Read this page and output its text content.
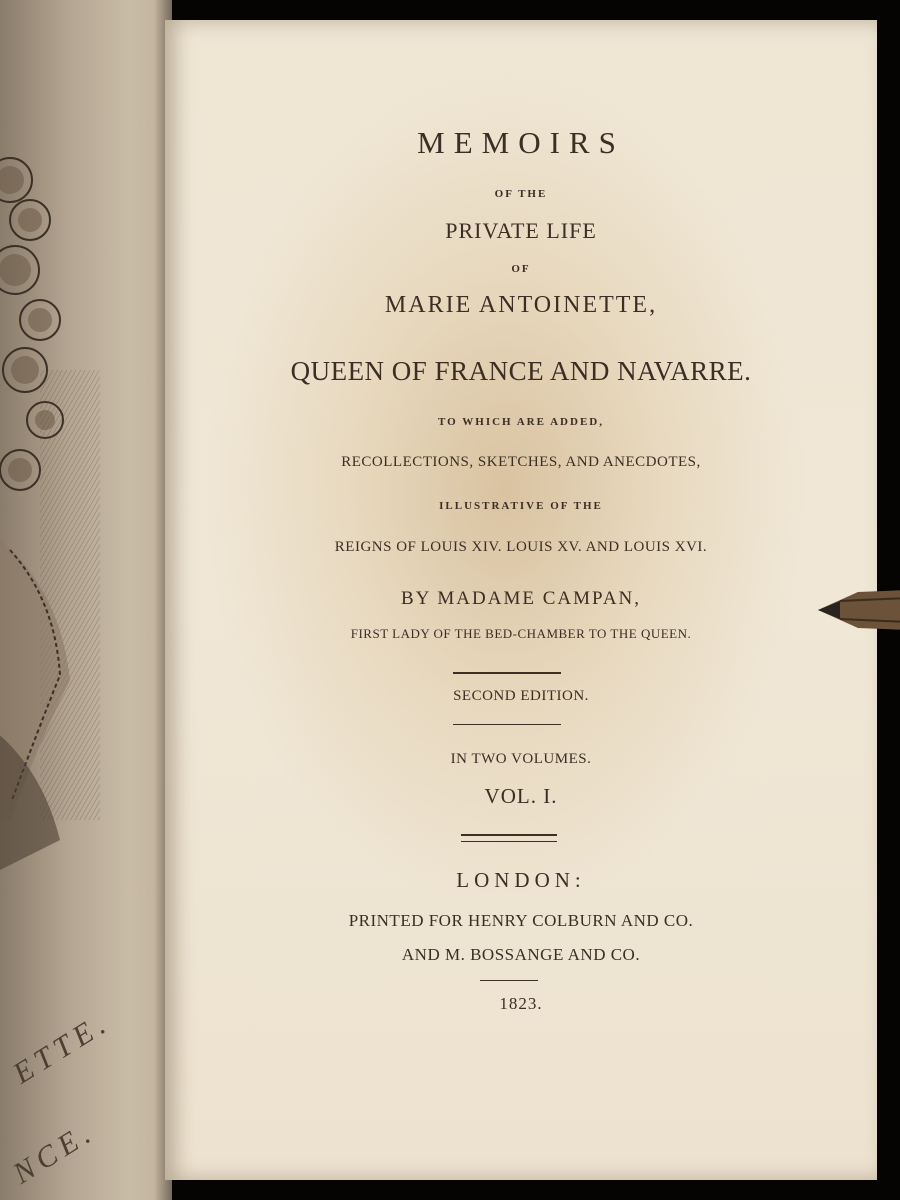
ETTE.
NCE.
MEMOIRS
OF THE
PRIVATE LIFE
OF
MARIE ANTOINETTE,
QUEEN OF FRANCE AND NAVARRE.
TO WHICH ARE ADDED,
RECOLLECTIONS, SKETCHES, AND ANECDOTES,
ILLUSTRATIVE OF THE
REIGNS OF LOUIS XIV. LOUIS XV. AND LOUIS XVI.
BY MADAME CAMPAN,
FIRST LADY OF THE BED-CHAMBER TO THE QUEEN.
SECOND EDITION.
IN TWO VOLUMES.
VOL. I.
LONDON:
PRINTED FOR HENRY COLBURN AND CO.
AND M. BOSSANGE AND CO.
1823.
